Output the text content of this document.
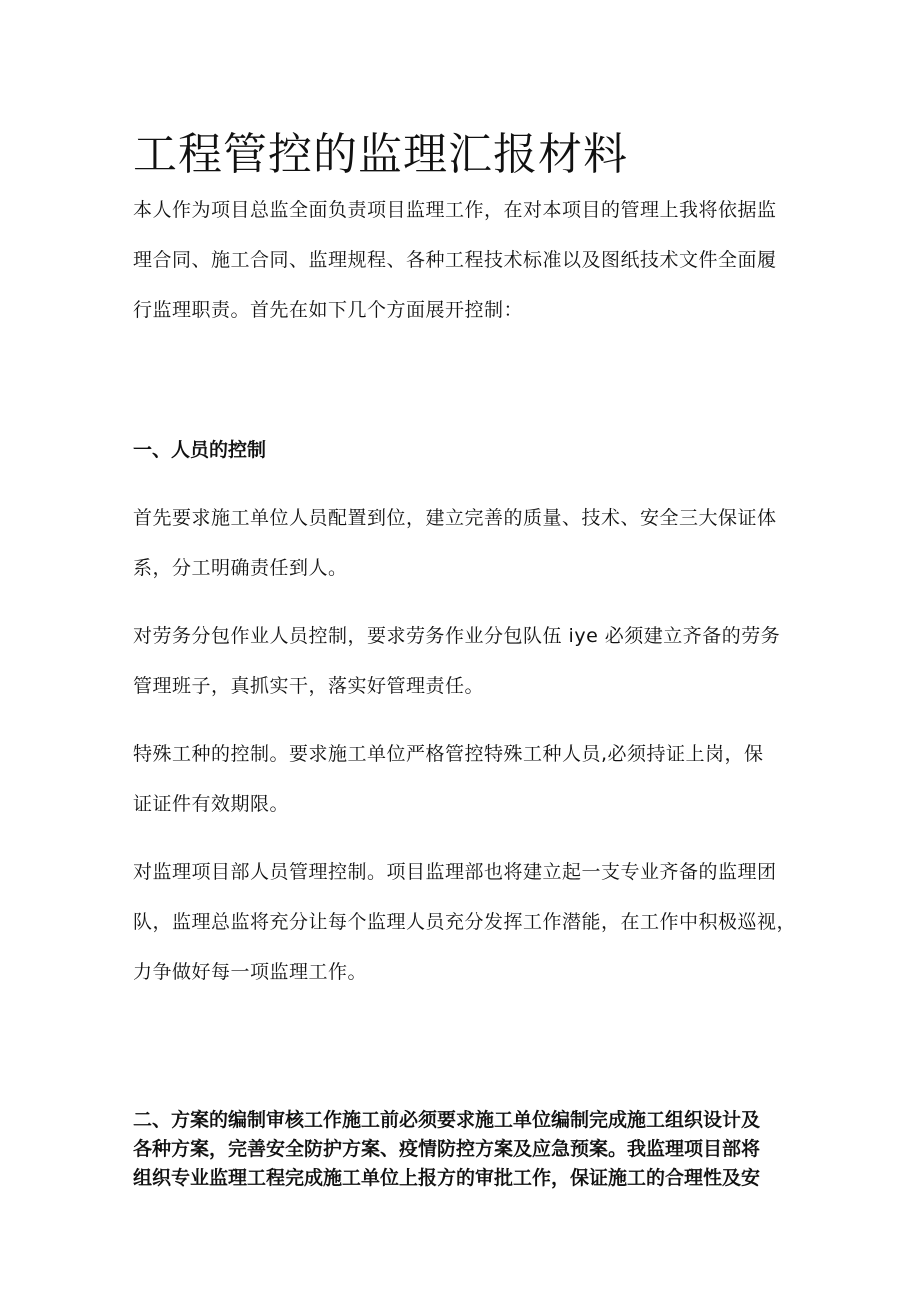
工程管控的监理汇报材料

本人作为项目总监全面负责项目监理工作，在对本项目的管理上我将依据监
理合同、施工合同、监理规程、各种工程技术标准以及图纸技术文件全面履
行监理职责。首先在如下几个方面展开控制：

一、人员的控制

首先要求施工单位人员配置到位，建立完善的质量、技术、安全三大保证体
系，分工明确责任到人。

对劳务分包作业人员控制，要求劳务作业分包队伍 iye 必须建立齐备的劳务
管理班子，真抓实干，落实好管理责任。

特殊工种的控制。要求施工单位严格管控特殊工种人员,必须持证上岗，保
证证件有效期限。

对监理项目部人员管理控制。项目监理部也将建立起一支专业齐备的监理团
队，监理总监将充分让每个监理人员充分发挥工作潜能，在工作中积极巡视，
力争做好每一项监理工作。

二、方案的编制审核工作施工前必须要求施工单位编制完成施工组织设计及
各种方案，完善安全防护方案、疫情防控方案及应急预案。我监理项目部将
组织专业监理工程完成施工单位上报方的审批工作，保证施工的合理性及安
